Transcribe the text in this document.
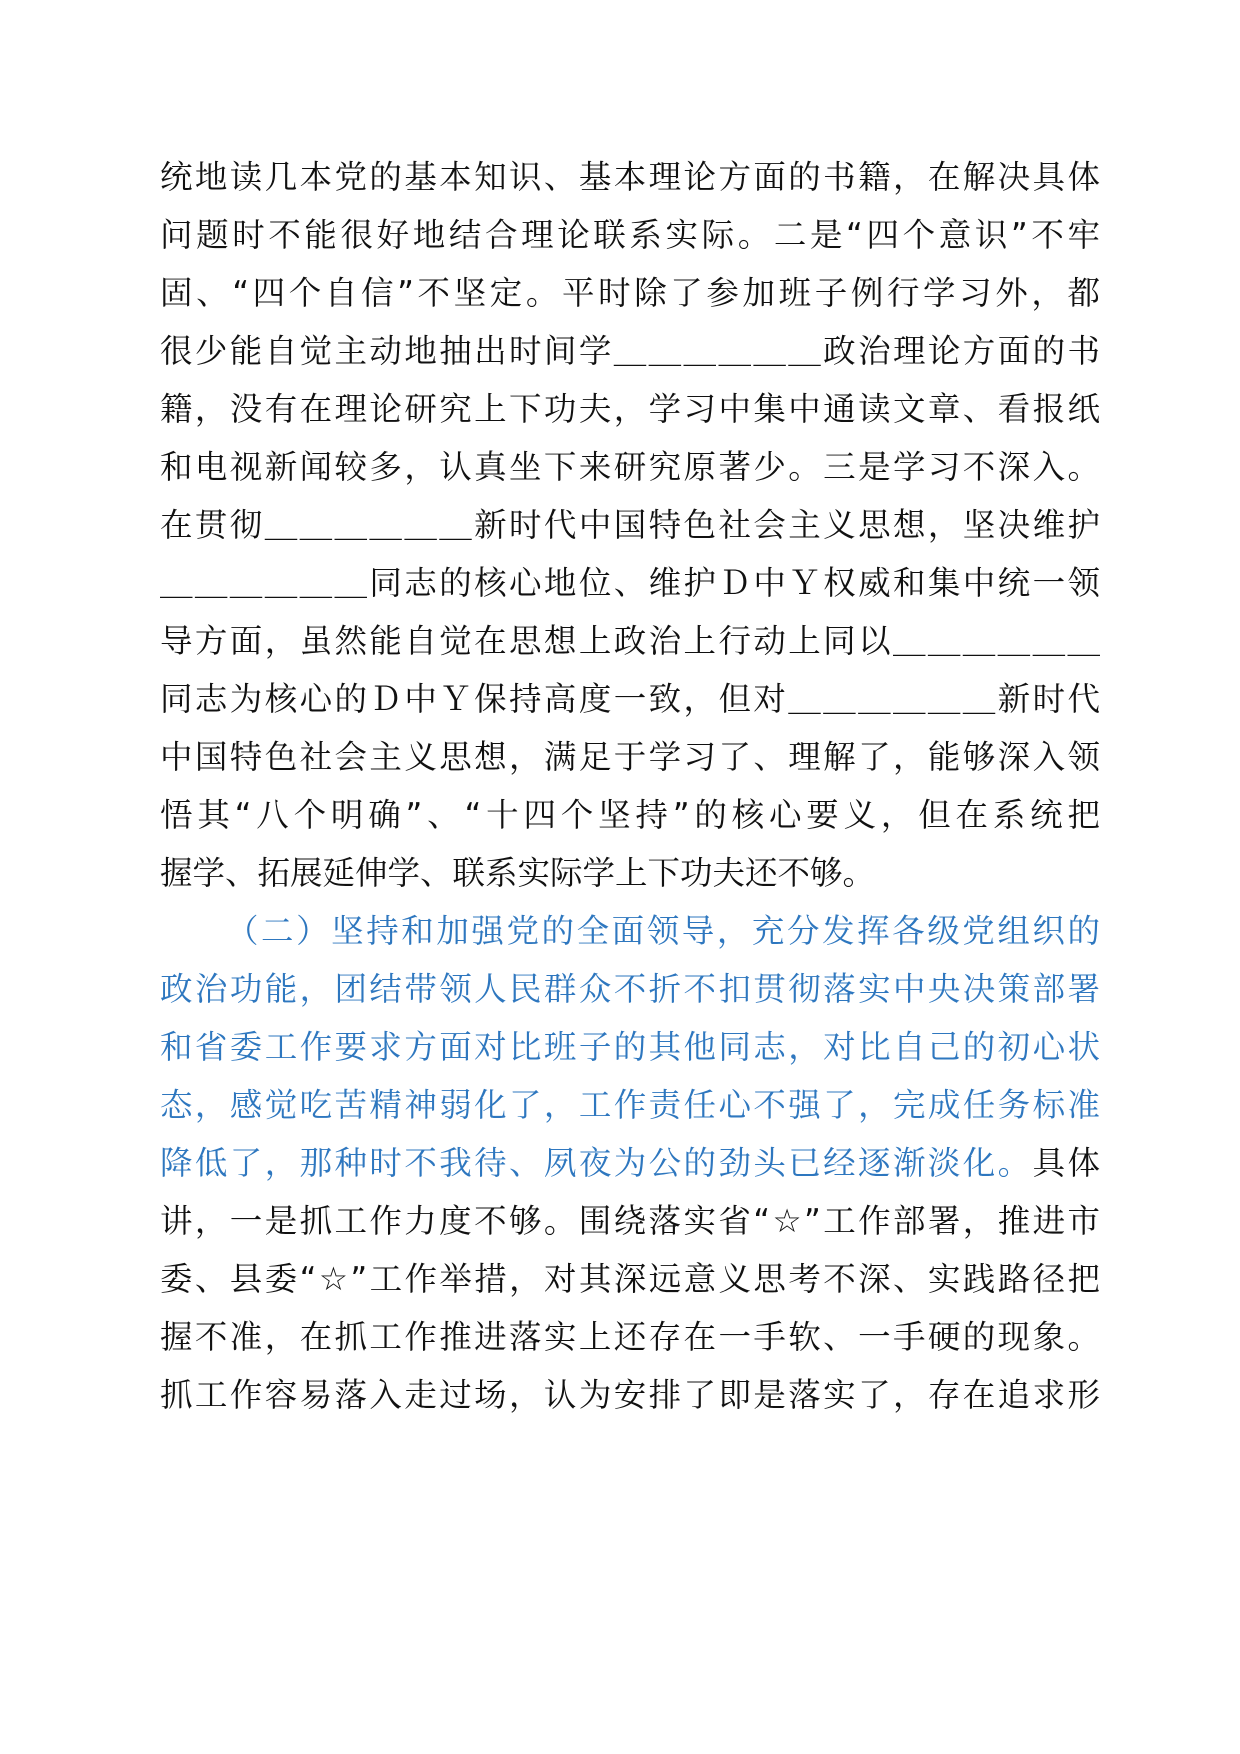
统地读几本党的基本知识、基本理论方面的书籍，在解决具体
问题时不能很好地结合理论联系实际。二是“四个意识”不牢
固、“四个自信”不坚定。平时除了参加班子例行学习外，都
很少能自觉主动地抽出时间学＿＿＿＿＿＿政治理论方面的书
籍，没有在理论研究上下功夫，学习中集中通读文章、看报纸
和电视新闻较多，认真坐下来研究原著少。三是学习不深入。
在贯彻＿＿＿＿＿＿新时代中国特色社会主义思想，坚决维护
＿＿＿＿＿＿同志的核心地位、维护Ｄ中Ｙ权威和集中统一领
导方面，虽然能自觉在思想上政治上行动上同以＿＿＿＿＿＿
同志为核心的Ｄ中Ｙ保持高度一致，但对＿＿＿＿＿＿新时代
中国特色社会主义思想，满足于学习了、理解了，能够深入领
悟其“八个明确”、“十四个坚持”的核心要义，但在系统把
握学、拓展延伸学、联系实际学上下功夫还不够。
（二）坚持和加强党的全面领导，充分发挥各级党组织的
政治功能，团结带领人民群众不折不扣贯彻落实中央决策部署
和省委工作要求方面对比班子的其他同志，对比自己的初心状
态，感觉吃苦精神弱化了，工作责任心不强了，完成任务标准
降低了，那种时不我待、夙夜为公的劲头已经逐渐淡化。具体
讲，一是抓工作力度不够。围绕落实省“☆”工作部署，推进市
委、县委“☆”工作举措，对其深远意义思考不深、实践路径把
握不准，在抓工作推进落实上还存在一手软、一手硬的现象。
抓工作容易落入走过场，认为安排了即是落实了，存在追求形
